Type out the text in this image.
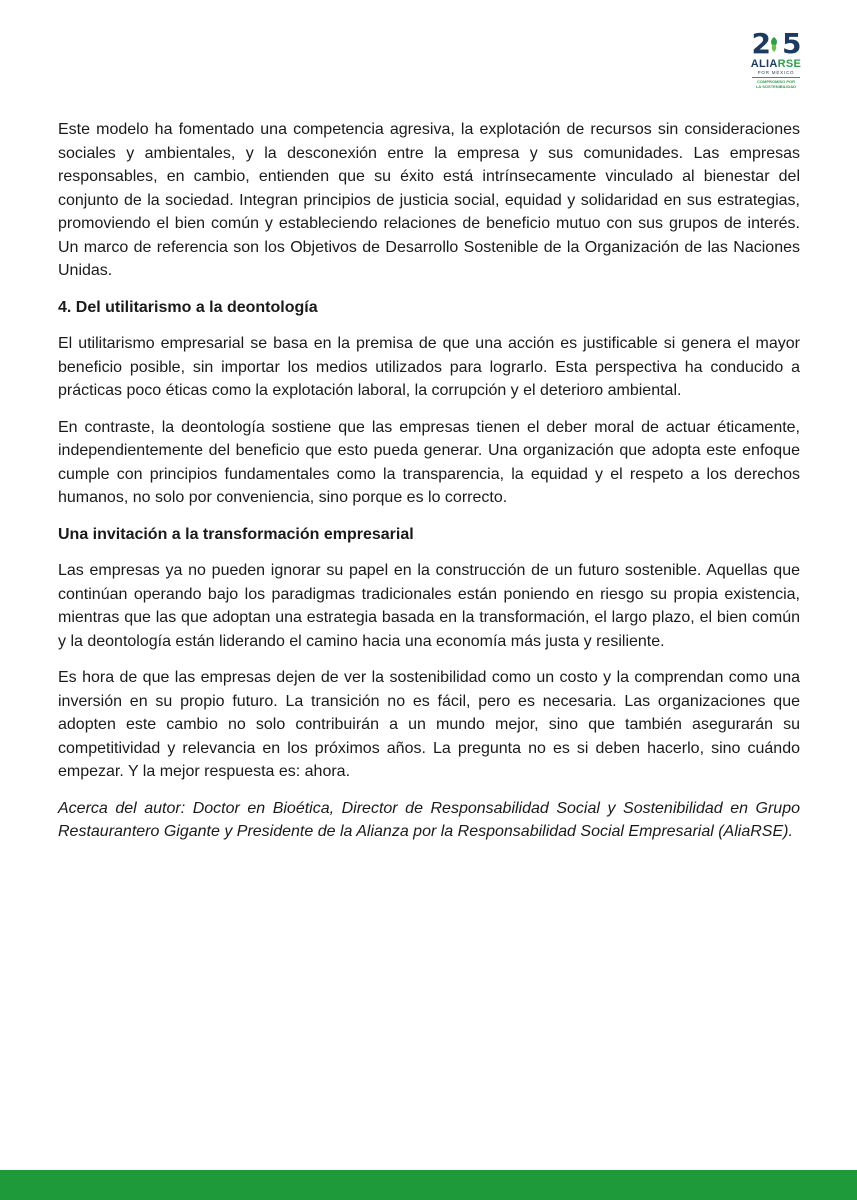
2 5
ALIARSE
POR MÉXICO
COMPROMISO POR
LA SOSTENIBILIDAD

Este modelo ha fomentado una competencia agresiva, la explotación de recursos sin consideraciones sociales y ambientales, y la desconexión entre la empresa y sus comunidades. Las empresas responsables, en cambio, entienden que su éxito está intrínsecamente vinculado al bienestar del conjunto de la sociedad. Integran principios de justicia social, equidad y solidaridad en sus estrategias, promoviendo el bien común y estableciendo relaciones de beneficio mutuo con sus grupos de interés. Un marco de referencia son los Objetivos de Desarrollo Sostenible de la Organización de las Naciones Unidas.

4. Del utilitarismo a la deontología

El utilitarismo empresarial se basa en la premisa de que una acción es justificable si genera el mayor beneficio posible, sin importar los medios utilizados para lograrlo. Esta perspectiva ha conducido a prácticas poco éticas como la explotación laboral, la corrupción y el deterioro ambiental.

En contraste, la deontología sostiene que las empresas tienen el deber moral de actuar éticamente, independientemente del beneficio que esto pueda generar. Una organización que adopta este enfoque cumple con principios fundamentales como la transparencia, la equidad y el respeto a los derechos humanos, no solo por conveniencia, sino porque es lo correcto.

Una invitación a la transformación empresarial

Las empresas ya no pueden ignorar su papel en la construcción de un futuro sostenible. Aquellas que continúan operando bajo los paradigmas tradicionales están poniendo en riesgo su propia existencia, mientras que las que adoptan una estrategia basada en la transformación, el largo plazo, el bien común y la deontología están liderando el camino hacia una economía más justa y resiliente.

Es hora de que las empresas dejen de ver la sostenibilidad como un costo y la comprendan como una inversión en su propio futuro. La transición no es fácil, pero es necesaria. Las organizaciones que adopten este cambio no solo contribuirán a un mundo mejor, sino que también asegurarán su competitividad y relevancia en los próximos años. La pregunta no es si deben hacerlo, sino cuándo empezar. Y la mejor respuesta es: ahora.

Acerca del autor: Doctor en Bioética, Director de Responsabilidad Social y Sostenibilidad en Grupo Restaurantero Gigante y Presidente de la Alianza por la Responsabilidad Social Empresarial (AliaRSE).
